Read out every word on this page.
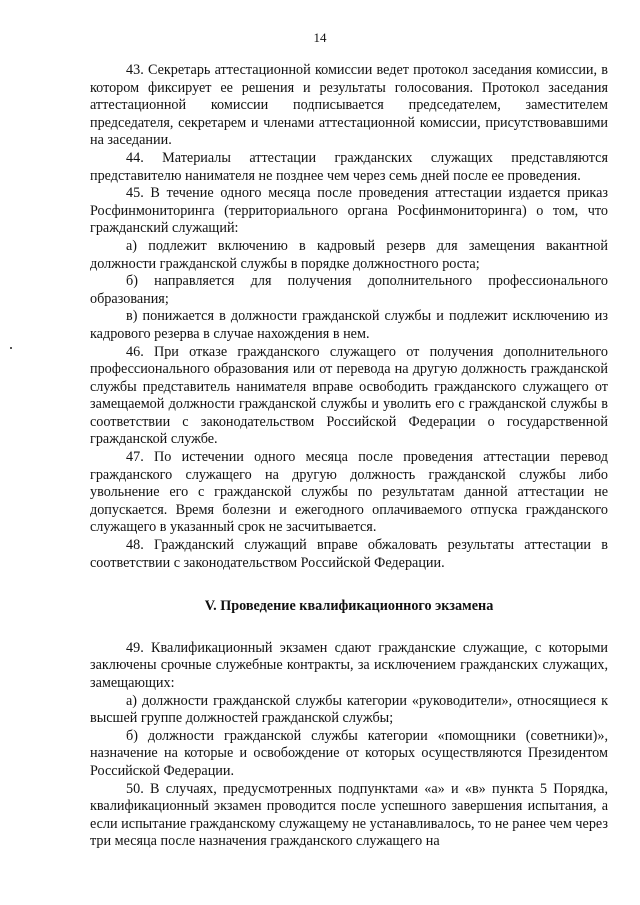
14

43. Секретарь аттестационной комиссии ведет протокол заседания комиссии, в котором фиксирует ее решения и результаты голосования. Протокол заседания аттестационной комиссии подписывается председателем, заместителем председателя, секретарем и членами аттестационной комиссии, присутствовавшими на заседании.

44. Материалы аттестации гражданских служащих представляются представителю нанимателя не позднее чем через семь дней после ее проведения.

45. В течение одного месяца после проведения аттестации издается приказ Росфинмониторинга (территориального органа Росфинмониторинга) о том, что гражданский служащий:

а) подлежит включению в кадровый резерв для замещения вакантной должности гражданской службы в порядке должностного роста;

б) направляется для получения дополнительного профессионального образования;

в) понижается в должности гражданской службы и подлежит исключению из кадрового резерва в случае нахождения в нем.

46. При отказе гражданского служащего от получения дополнительного профессионального образования или от перевода на другую должность гражданской службы представитель нанимателя вправе освободить гражданского служащего от замещаемой должности гражданской службы и уволить его с гражданской службы в соответствии с законодательством Российской Федерации о государственной гражданской службе.

47. По истечении одного месяца после проведения аттестации перевод гражданского служащего на другую должность гражданской службы либо увольнение его с гражданской службы по результатам данной аттестации не допускается. Время болезни и ежегодного оплачиваемого отпуска гражданского служащего в указанный срок не засчитывается.

48. Гражданский служащий вправе обжаловать результаты аттестации в соответствии с законодательством Российской Федерации.

V. Проведение квалификационного экзамена

49. Квалификационный экзамен сдают гражданские служащие, с которыми заключены срочные служебные контракты, за исключением гражданских служащих, замещающих:

а) должности гражданской службы категории «руководители», относящиеся к высшей группе должностей гражданской службы;

б) должности гражданской службы категории «помощники (советники)», назначение на которые и освобождение от которых осуществляются Президентом Российской Федерации.

50. В случаях, предусмотренных подпунктами «а» и «в» пункта 5 Порядка, квалификационный экзамен проводится после успешного завершения испытания, а если испытание гражданскому служащему не устанавливалось, то не ранее чем через три месяца после назначения гражданского служащего на
